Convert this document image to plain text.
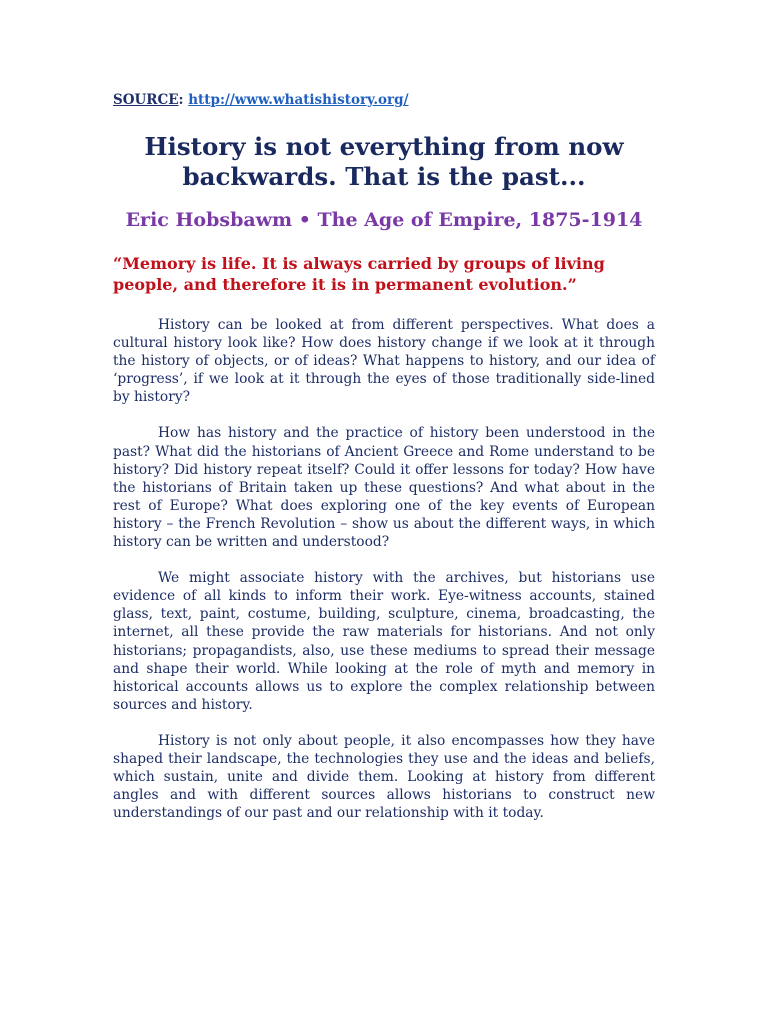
SOURCE: http://www.whatishistory.org/
History is not everything from now backwards. That is the past...
Eric Hobsbawm • The Age of Empire, 1875-1914
“Memory is life. It is always carried by groups of living people, and therefore it is in permanent evolution.”

History can be looked at from different perspectives. What does a cultural history look like? How does history change if we look at it through the history of objects, or of ideas? What happens to history, and our idea of ‘progress’, if we look at it through the eyes of those traditionally side-lined by history?

How has history and the practice of history been understood in the past? What did the historians of Ancient Greece and Rome understand to be history? Did history repeat itself? Could it offer lessons for today? How have the historians of Britain taken up these questions? And what about in the rest of Europe? What does exploring one of the key events of European history – the French Revolution – show us about the different ways, in which history can be written and understood?

We might associate history with the archives, but historians use evidence of all kinds to inform their work. Eye-witness accounts, stained glass, text, paint, costume, building, sculpture, cinema, broadcasting, the internet, all these provide the raw materials for historians. And not only historians; propagandists, also, use these mediums to spread their message and shape their world. While looking at the role of myth and memory in historical accounts allows us to explore the complex relationship between sources and history.

History is not only about people, it also encompasses how they have shaped their landscape, the technologies they use and the ideas and beliefs, which sustain, unite and divide them. Looking at history from different angles and with different sources allows historians to construct new understandings of our past and our relationship with it today.
